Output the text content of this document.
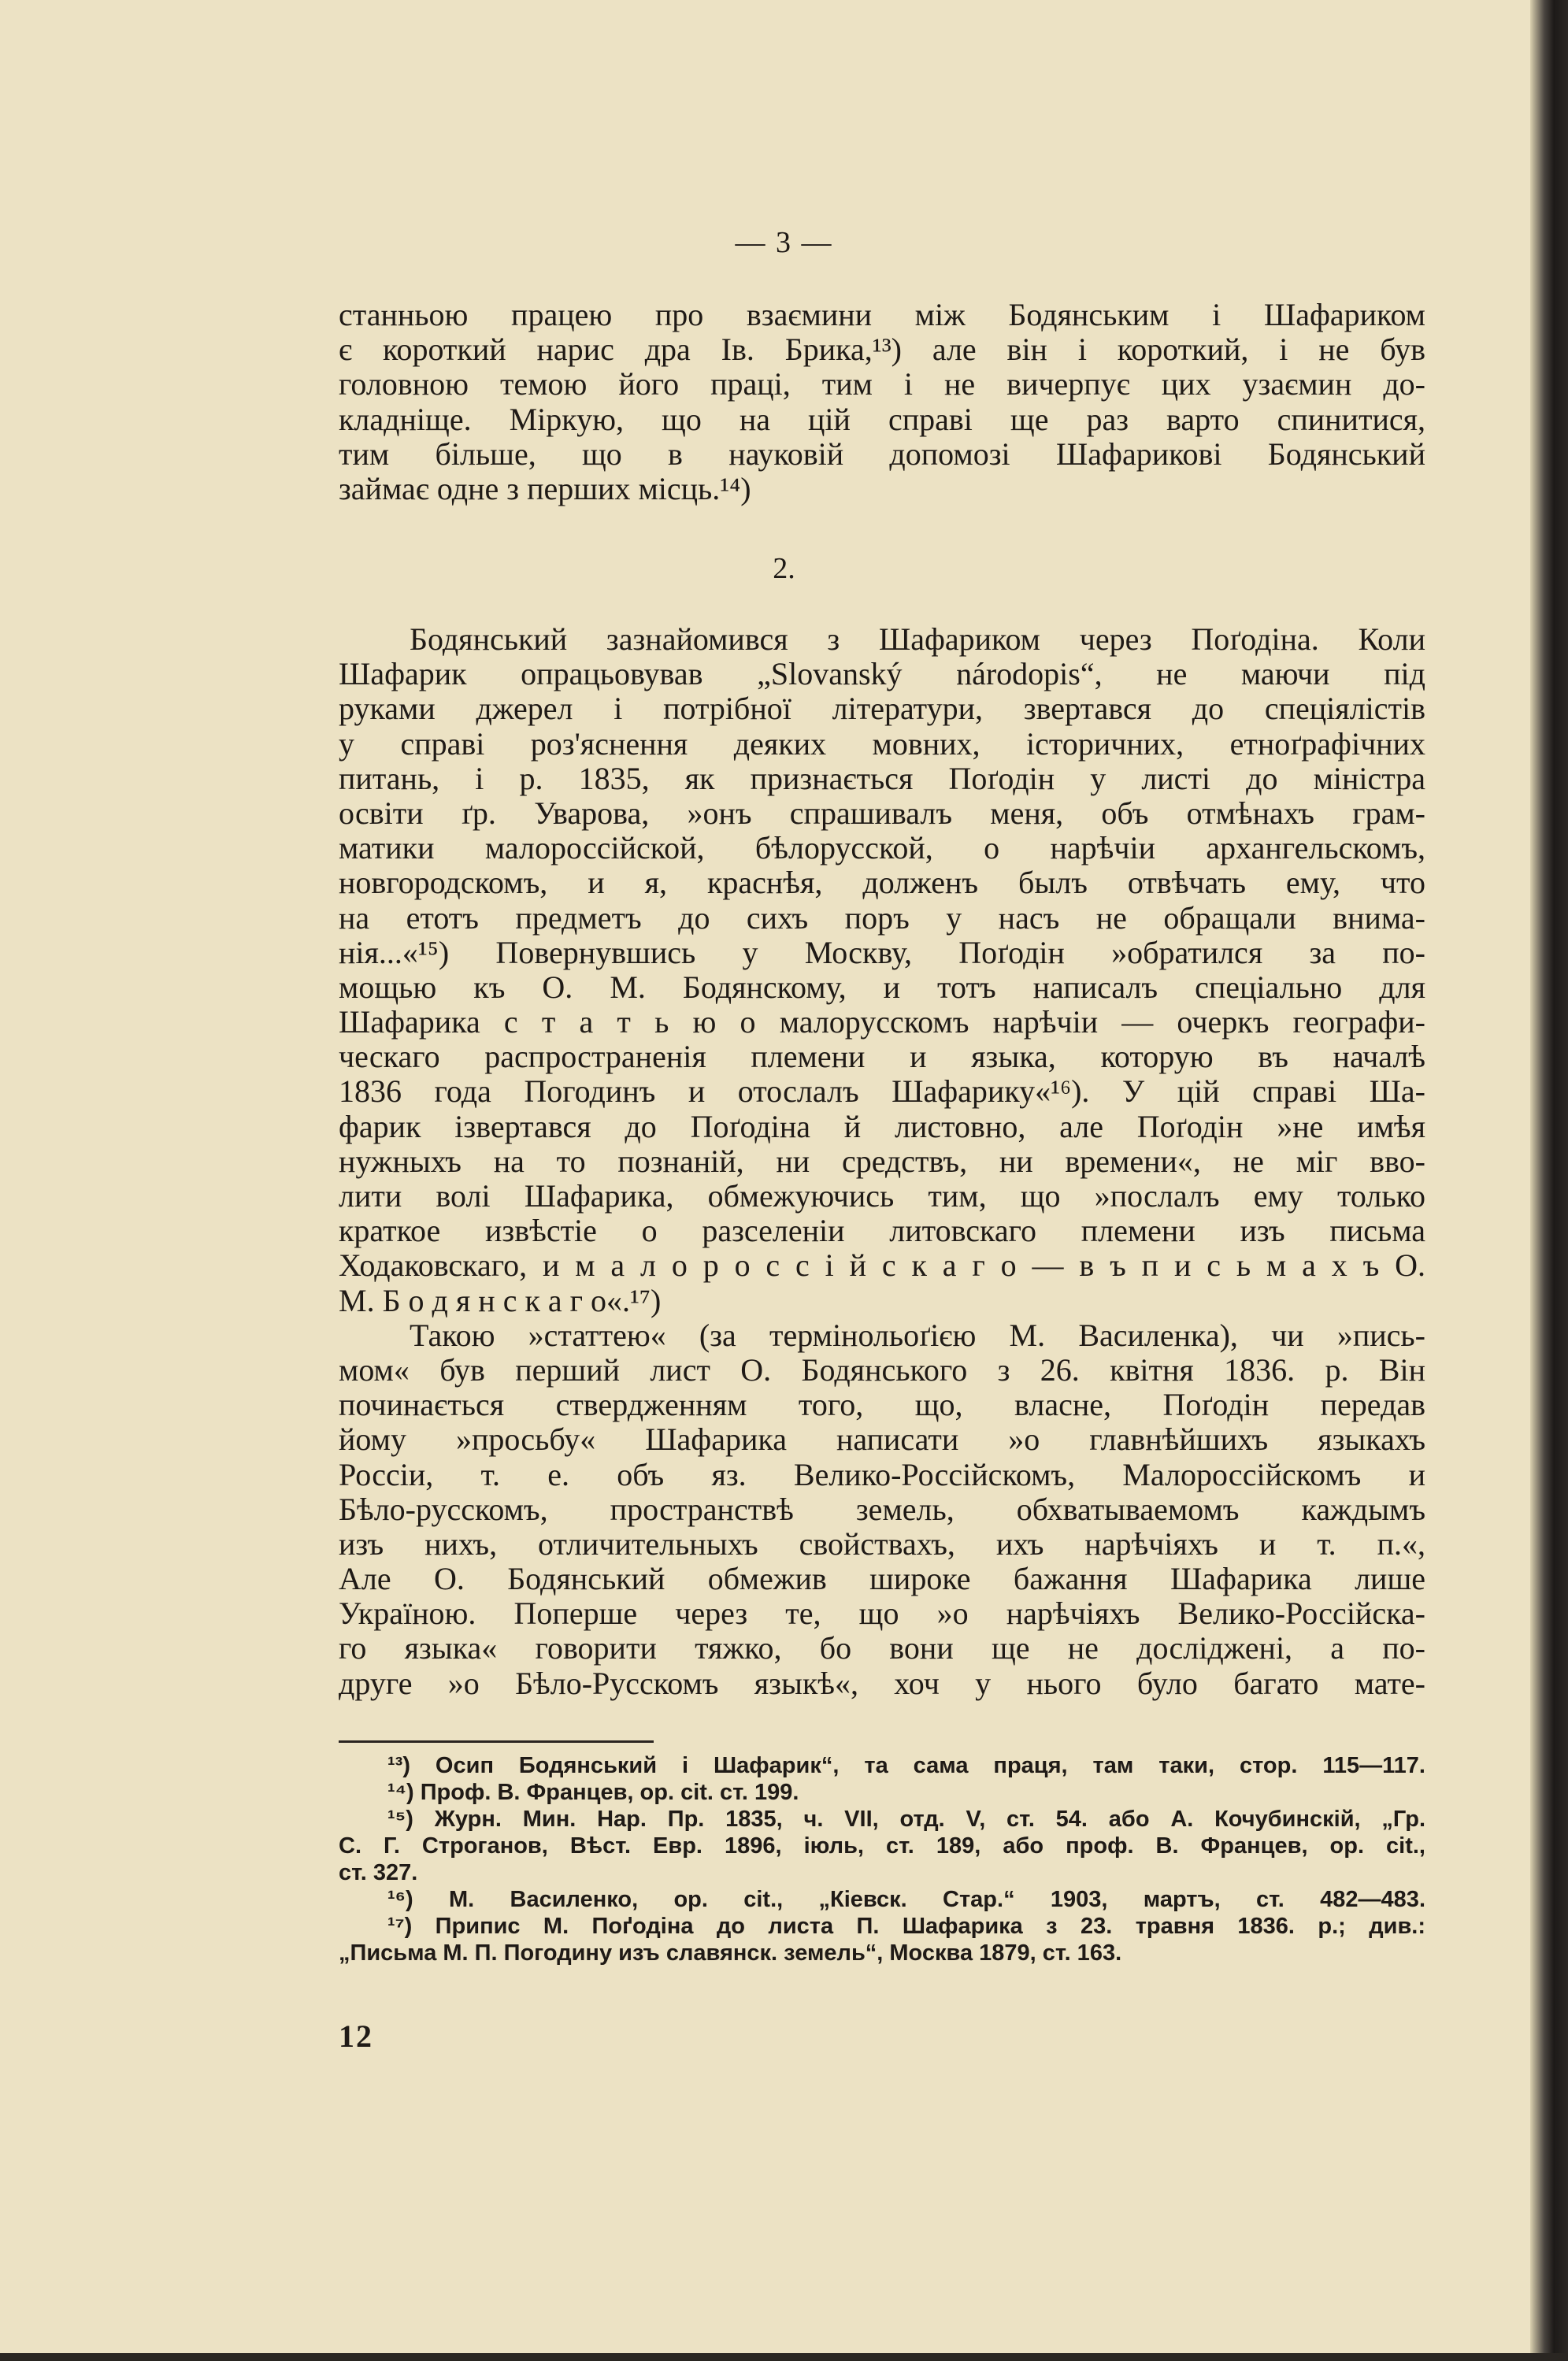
— 3 —
станньою працею про взаємини між Бодянським і Шафариком
є короткий нарис дра Ів. Брика,¹³) але він і короткий, і не був
головною темою його праці, тим і не вичерпує цих узаємин до-
кладніще. Міркую, що на цій справі ще раз варто спинитися,
тим більше, що в науковій допомозі Шафарикові Бодянський
займає одне з перших місць.¹⁴)
2.
Бодянський зазнайомився з Шафариком через Поґодіна. Коли
Шафарик опрацьовував „Slovanský národopis“, не маючи під
руками джерел і потрібної літератури, звертався до спеціялістів
у справі роз'яснення деяких мовних, історичних, етноґрафічних
питань, і р. 1835, як признається Поґодін у листі до міністра
освіти ґр. Уварова, »онъ спрашивалъ меня, объ отмѣнахъ грам-
матики малороссійской, бѣлорусской, о нарѣчіи архангельскомъ,
новгородскомъ, и я, краснѣя, долженъ былъ отвѣчать ему, что
на етотъ предметъ до сихъ поръ у насъ не обращали внима-
нія...«¹⁵) Повернувшись у Москву, Поґодін »обратился за по-
мощью къ О. М. Бодянскому, и тотъ написалъ спеціально для
Шафарика с т а т ь ю о малорусскомъ нарѣчіи — очеркъ географи-
ческаго распространенія племени и языка, которую въ началѣ
1836 года Погодинъ и отослалъ Шафарику«¹⁶). У цій справі Ша-
фарик ізвертався до Поґодіна й листовно, але Поґодін »не имѣя
нужныхъ на то познаній, ни средствъ, ни времени«, не міг вво-
лити волі Шафарика, обмежуючись тим, що »послалъ ему только
краткое извѣстіе о разселеніи литовскаго племени изъ письма
Ходаковскаго, и м а л о р о с с і й с к а г о — в ъ п и с ь м а х ъ О.
М. Б о д я н с к а г о«.¹⁷)
Такою »статтею« (за термінольоґією М. Василенка), чи »пись-
мом« був перший лист О. Бодянського з 26. квітня 1836. р. Він
починається ствердженням того, що, власне, Поґодін передав
йому »просьбу« Шафарика написати »о главнѣйшихъ языкахъ
Россіи, т. е. объ яз. Велико-Россійскомъ, Малороссійскомъ и
Бѣло-русскомъ, пространствѣ земель, обхватываемомъ каждымъ
изъ нихъ, отличительныхъ свойствахъ, ихъ нарѣчіяхъ и т. п.«,
Але О. Бодянський обмежив широке бажання Шафарика лише
Україною. Поперше через те, що »о нарѣчіяхъ Велико-Россійска-
го языка« говорити тяжко, бо вони ще не досліджені, а по-
друге »о Бѣло-Русскомъ языкѣ«, хоч у нього було багато мате-
¹³) Осип Бодянський і Шафарик“, та сама праця, там таки, стор. 115—117.
¹⁴) Проф. В. Францев, op. cit. ст. 199.
¹⁵) Журн. Мин. Нар. Пр. 1835, ч. VII, отд. V, ст. 54. або А. Кочубинскій, „Гр.
С. Г. Строганов, Вѣст. Евр. 1896, іюль, ст. 189, або проф. В. Францев, op. cit.,
ст. 327.
¹⁶) М. Василенко, op. cit., „Кіевск. Стар.“ 1903, мартъ, ст. 482—483.
¹⁷) Припис М. Поґодіна до листа П. Шафарика з 23. травня 1836. р.; див.:
„Письма М. П. Погодину изъ славянск. земель“, Москва 1879, ст. 163.
12
